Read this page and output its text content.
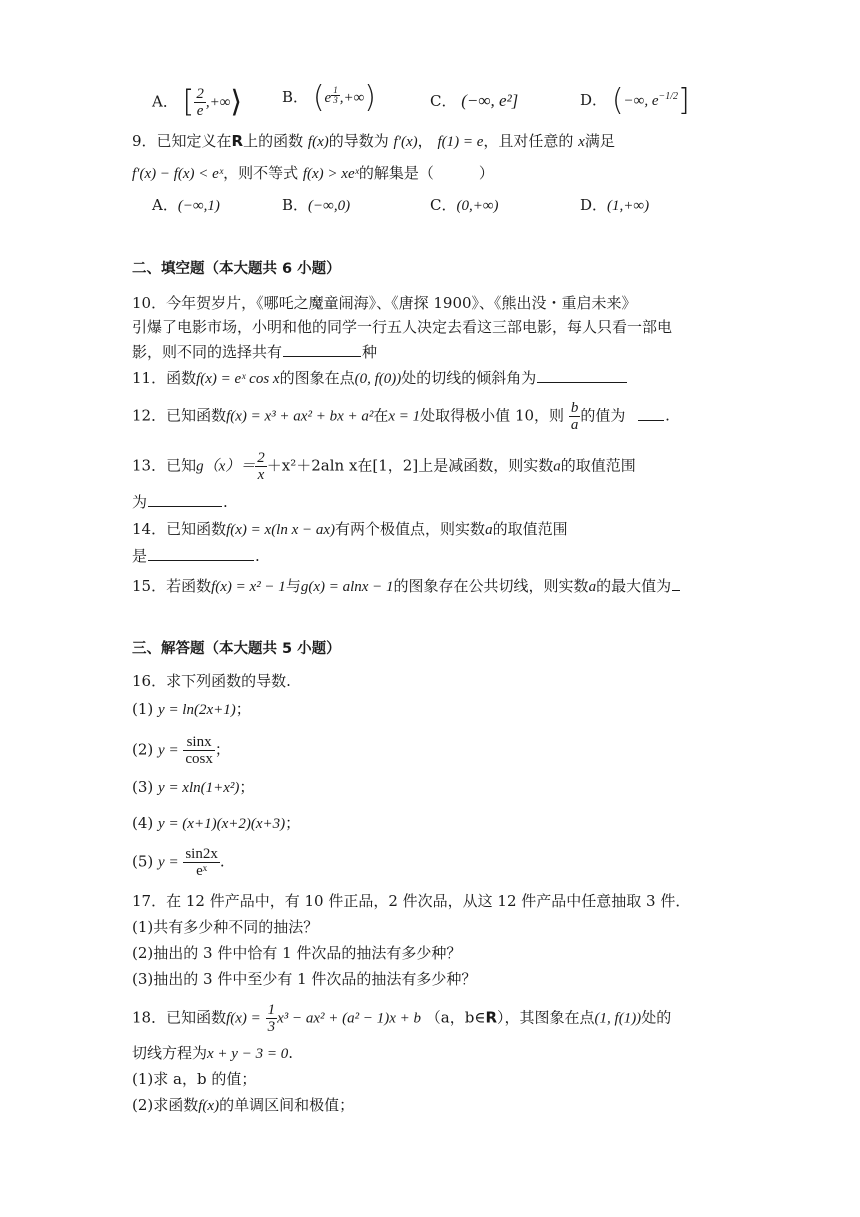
A． [ $\frac{2}{e}$ ,+∞⟩	B． ($e \frac{1}{3}$ ,+∞)	C． (−∞, e²]	D． (−∞, $e^{-1/2}$]
9．已知定义在R上的函数 f(x)的导数为 f′(x)， f(1) = e，且对任意的 x满足
f′(x) − f(x) < eˣ，则不等式 f(x) > xeˣ的解集是（　　　）
A．(−∞,1)	B．(−∞,0)	C．(0,+∞)	D．(1,+∞)
二、填空题（本大题共 6 小题）
10．今年贺岁片，《哪吒之魔童闹海》、《唐探 1900》、《熊出没・重启未来》
引爆了电影市场，小明和他的同学一行五人决定去看这三部电影，每人只看一部电
影，则不同的选择共有	种
11．函数f(x) = eˣ cos x的图象在点(0, f(0))处的切线的倾斜角为
12．已知函数f(x) = x³ + ax² + bx + a²在x = 1处取得极小值 10，则 $\frac{b}{a}$ 的值为	.
13．已知$g(x)= \frac{2}{x} +x^2+2aln$ x在[1，2]上是减函数，则实数a的取值范围
为	.
14．已知函数f(x) = x(ln x − ax)有两个极值点，则实数a的取值范围
是	.
15．若函数f(x) = x² − 1与g(x) = alnx − 1的图象存在公共切线，则实数a的最大值为
三、解答题（本大题共 5 小题）
16．求下列函数的导数.
(1) y = ln(2x+1)；
(2) $y = \frac{\sin x}{\cos x}$ ；
(3) y = xln(1+x²)；
(4) y = (x+1)(x+2)(x+3)；
(5) $y = \frac{\sin 2x}{\text{eˣ}}$ .
17．在 12 件产品中，有 10 件正品，2 件次品，从这 12 件产品中任意抽取 3 件．
(1)共有多少种不同的抽法？
(2)抽出的 3 件中恰有 1 件次品的抽法有多少种？
(3)抽出的 3 件中至少有 1 件次品的抽法有多少种？
18．已知函数$f(x) = \frac{1}{3} x^3 - ax^2 + (a^2 - 1)x + b$ （a，b∈R），其图象在点(1, f(1))处的
切线方程为x + y − 3 = 0.
(1)求 a，b 的值；
(2)求函数f(x)的单调区间和极值；
